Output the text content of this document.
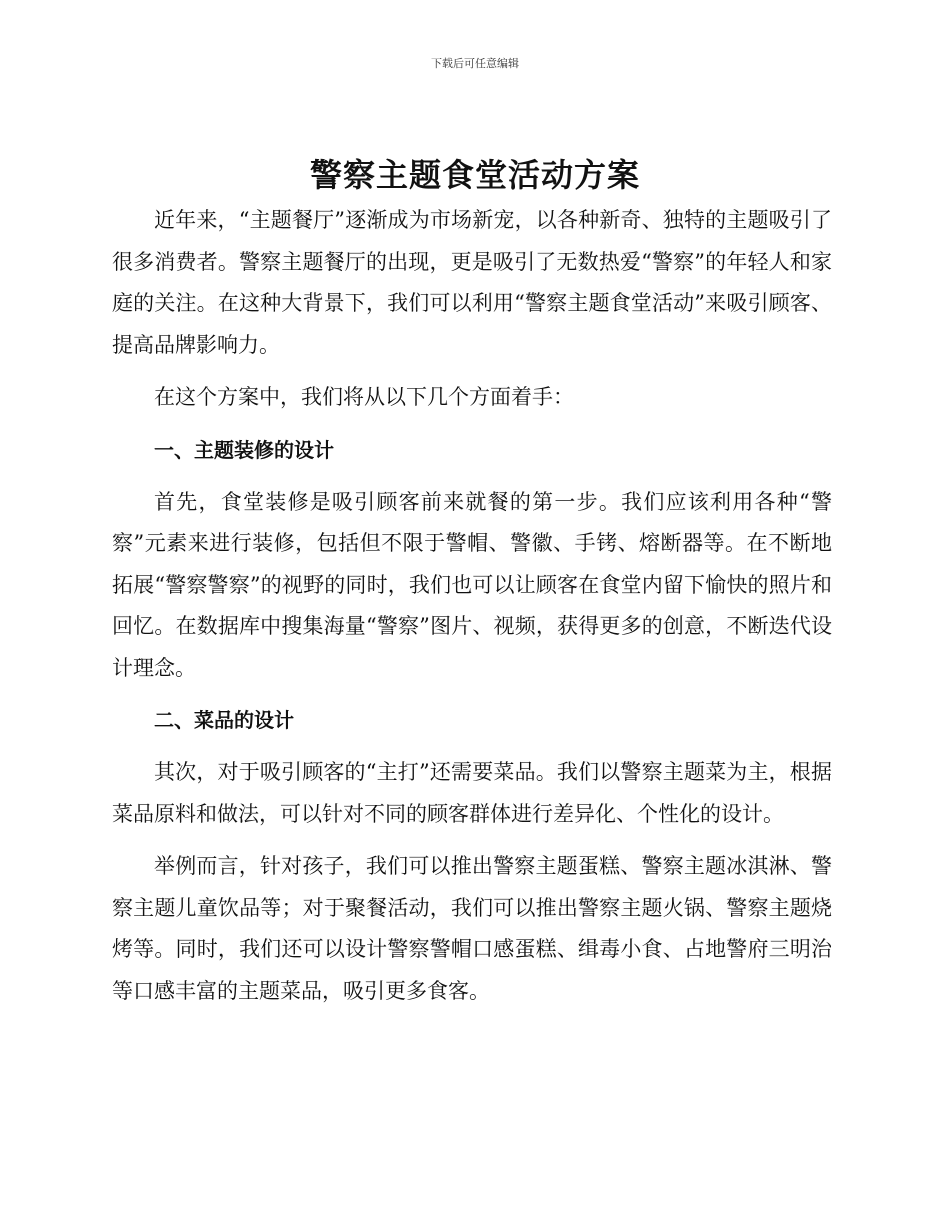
下载后可任意编辑
警察主题食堂活动方案

近年来，“主题餐厅”逐渐成为市场新宠，以各种新奇、独特的主题吸引了很多消费者。警察主题餐厅的出现，更是吸引了无数热爱“警察”的年轻人和家庭的关注。在这种大背景下，我们可以利用“警察主题食堂活动”来吸引顾客、提高品牌影响力。

在这个方案中，我们将从以下几个方面着手：

一、主题装修的设计

首先，食堂装修是吸引顾客前来就餐的第一步。我们应该利用各种“警察”元素来进行装修，包括但不限于警帽、警徽、手铐、熔断器等。在不断地拓展“警察警察”的视野的同时，我们也可以让顾客在食堂内留下愉快的照片和回忆。在数据库中搜集海量“警察”图片、视频，获得更多的创意，不断迭代设计理念。

二、菜品的设计

其次，对于吸引顾客的“主打”还需要菜品。我们以警察主题菜为主，根据菜品原料和做法，可以针对不同的顾客群体进行差异化、个性化的设计。

举例而言，针对孩子，我们可以推出警察主题蛋糕、警察主题冰淇淋、警察主题儿童饮品等；对于聚餐活动，我们可以推出警察主题火锅、警察主题烧烤等。同时，我们还可以设计警察警帽口感蛋糕、缉毒小食、占地警府三明治等口感丰富的主题菜品，吸引更多食客。
